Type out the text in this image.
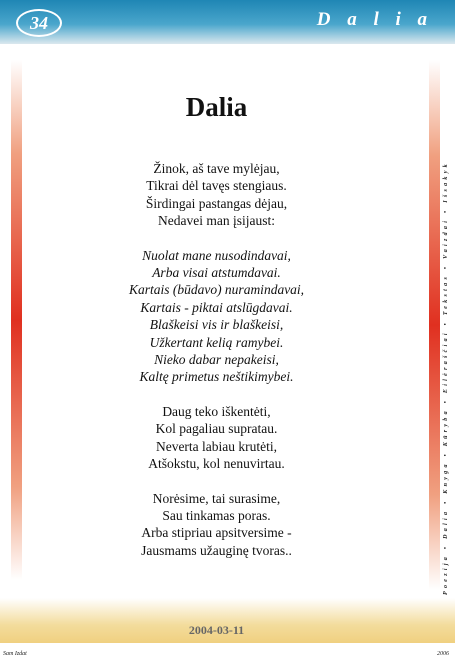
34	D a l i a
Poezija • Dalia • Knyga • Kūryba • Eilėraščiai • Tekstas • Vaizdai • Išsakyk
Dalia
Žinok, aš tave mylėjau,
Tikrai dėl tavęs stengiaus.
Širdingai pastangas dėjau,
Nedavei man įsijaust:
Nuolat mane nusodindavai,
Arba visai atstumdavai.
Kartais (būdavo) nuramindavai,
Kartais - piktai atslūgdavai.
Blaškeisi vis ir blaškeisi,
Užkertant kelią ramybei.
Nieko dabar nepakeisi,
Kaltę primetus neštikimybei.
Daug teko iškentėti,
Kol pagaliau supratau.
Neverta labiau krutėti,
Atšokstu, kol nenuvirtau.
Norėsime, tai surasime,
Sau tinkamas poras.
Arba stipriau apsitversime -
Jausmams užauginę tvoras..
2004-03-11
Sam Izdat	2006
